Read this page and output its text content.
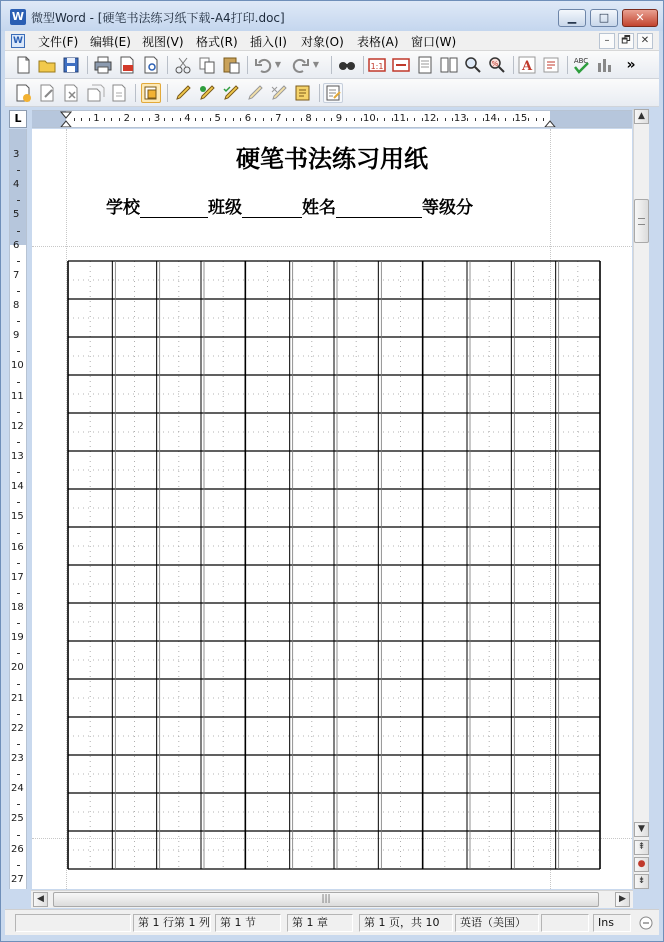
W 微型Word - [硬笔书法练习纸下载-A4打印.doc]	▁	□	✕
W 文件(F) 编辑(E) 视图(V) 格式(R) 插入(I) 对象(O) 表格(A) 窗口(W)	–	🗗	✕
▼	▼	1:1	% A	ABC	»
L	1 2 3 4 5 6 7 8 9 10 11 12 13 14 15
3
4
5
6
7
8
9
10
11
12
13
14
15
16
17
18
19
20
21
22
23
24
25
26
27
硬笔书法练习用纸
学校	班级	姓名	等级分
▲
▼
⇞
●
⇟
◀	|||	▶
第 1 行第 1 列 第 1 节	第 1 章	第 1 页，共 10	英语（美国）	Ins
